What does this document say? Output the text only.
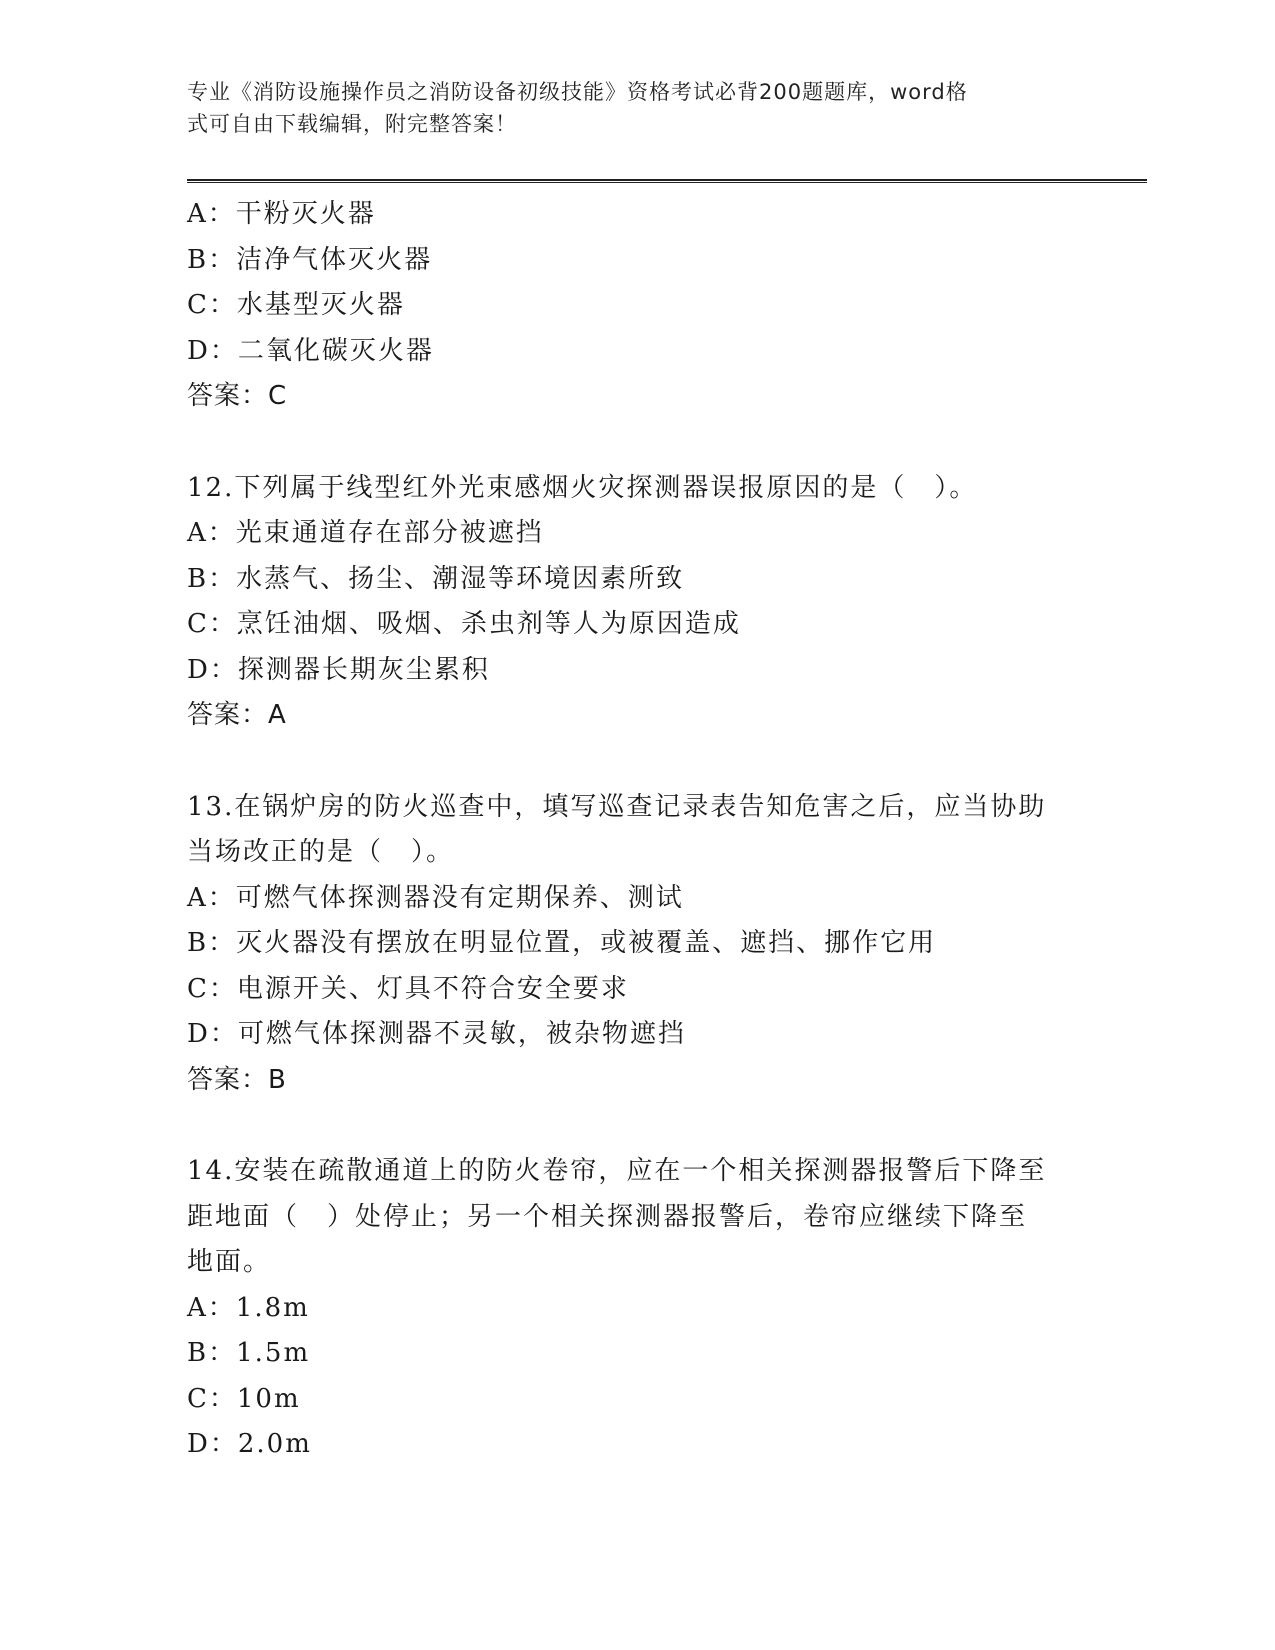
专业《消防设施操作员之消防设备初级技能》资格考试必背200题题库，word格
式可自由下载编辑，附完整答案！
A：干粉灭火器
B：洁净气体灭火器
C：水基型灭火器
D：二氧化碳灭火器
答案：C
12.下列属于线型红外光束感烟火灾探测器误报原因的是（　）。
A：光束通道存在部分被遮挡
B：水蒸气、扬尘、潮湿等环境因素所致
C：烹饪油烟、吸烟、杀虫剂等人为原因造成
D：探测器长期灰尘累积
答案：A
13.在锅炉房的防火巡查中，填写巡查记录表告知危害之后，应当协助
当场改正的是（　）。
A：可燃气体探测器没有定期保养、测试
B：灭火器没有摆放在明显位置，或被覆盖、遮挡、挪作它用
C：电源开关、灯具不符合安全要求
D：可燃气体探测器不灵敏，被杂物遮挡
答案：B
14.安装在疏散通道上的防火卷帘，应在一个相关探测器报警后下降至
距地面（　）处停止；另一个相关探测器报警后，卷帘应继续下降至
地面。
A：1.8m
B：1.5m
C：10m
D：2.0m
